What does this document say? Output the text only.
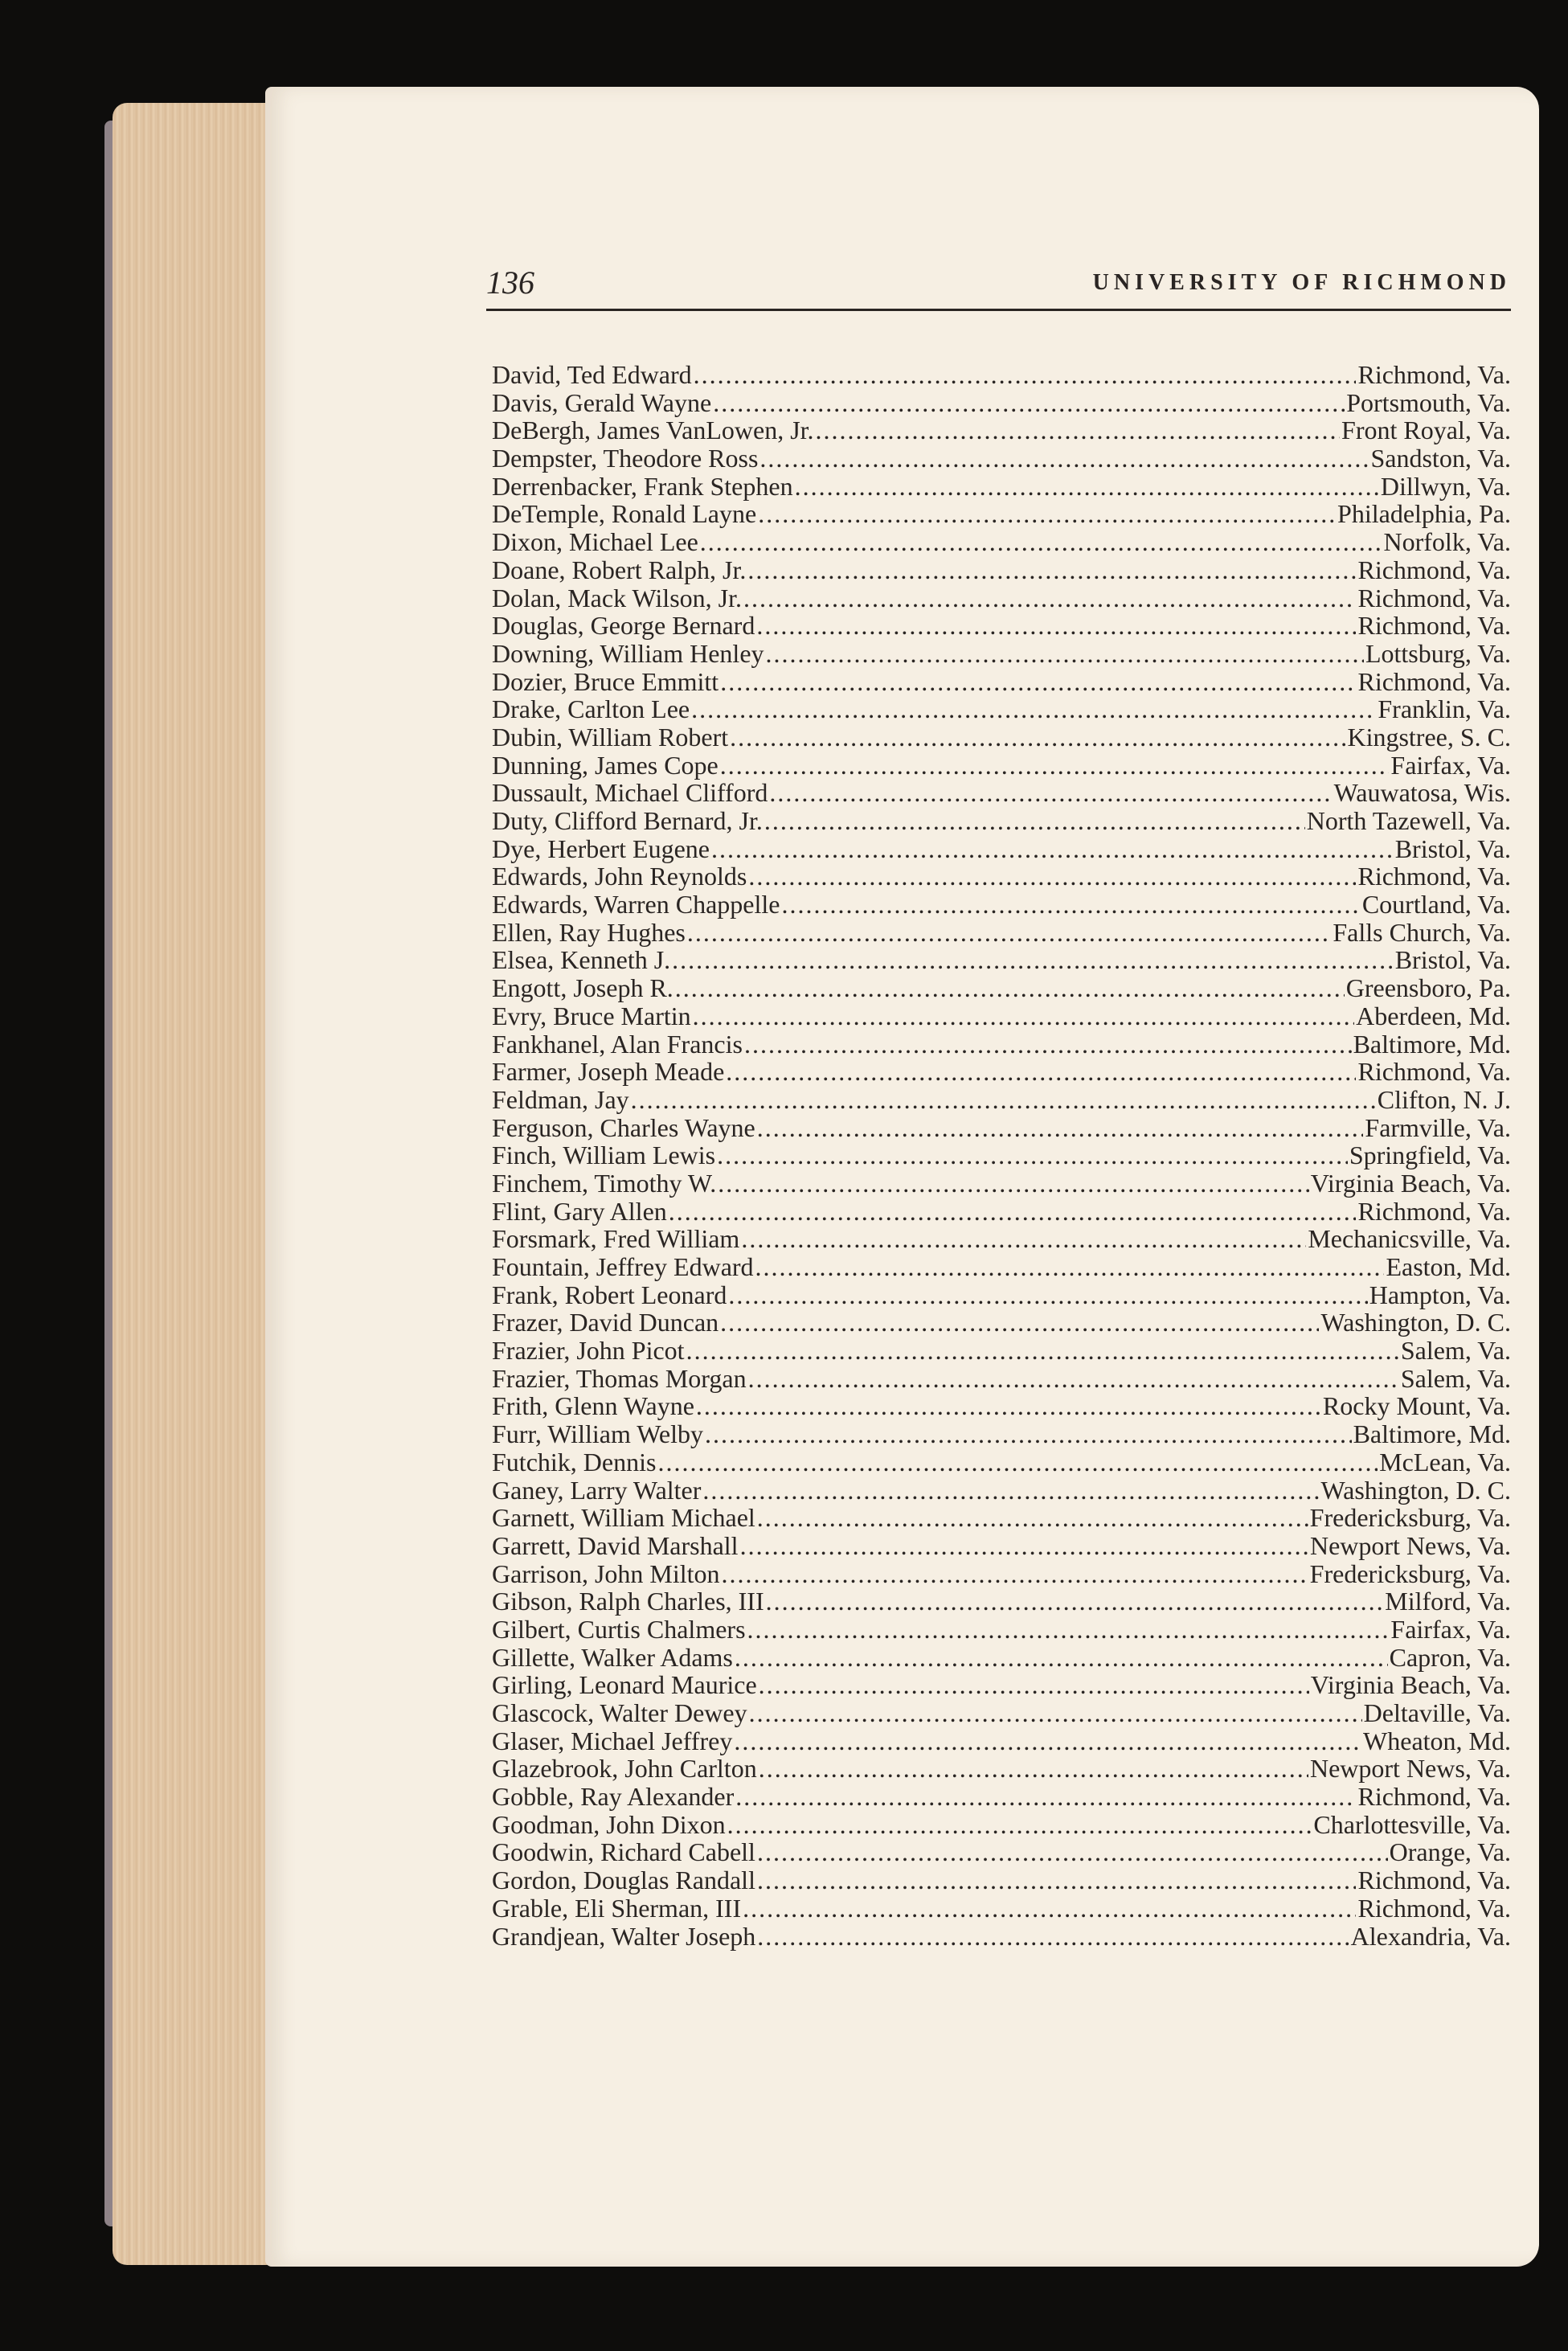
136	UNIVERSITY OF RICHMOND
David, Ted Edward .....	Richmond, Va.
Davis, Gerald Wayne .....	Portsmouth, Va.
DeBergh, James VanLowen, Jr. .....	Front Royal, Va.
Dempster, Theodore Ross .....	Sandston, Va.
Derrenbacker, Frank Stephen .....	Dillwyn, Va.
DeTemple, Ronald Layne .....	Philadelphia, Pa.
Dixon, Michael Lee .....	Norfolk, Va.
Doane, Robert Ralph, Jr. .....	Richmond, Va.
Dolan, Mack Wilson, Jr. .....	Richmond, Va.
Douglas, George Bernard .....	Richmond, Va.
Downing, William Henley .....	Lottsburg, Va.
Dozier, Bruce Emmitt .....	Richmond, Va.
Drake, Carlton Lee .....	Franklin, Va.
Dubin, William Robert .....	Kingstree, S. C.
Dunning, James Cope .....	Fairfax, Va.
Dussault, Michael Clifford .....	Wauwatosa, Wis.
Duty, Clifford Bernard, Jr. .....	North Tazewell, Va.
Dye, Herbert Eugene .....	Bristol, Va.
Edwards, John Reynolds .....	Richmond, Va.
Edwards, Warren Chappelle .....	Courtland, Va.
Ellen, Ray Hughes .....	Falls Church, Va.
Elsea, Kenneth J. .....	Bristol, Va.
Engott, Joseph R. .....	Greensboro, Pa.
Evry, Bruce Martin .....	Aberdeen, Md.
Fankhanel, Alan Francis .....	Baltimore, Md.
Farmer, Joseph Meade .....	Richmond, Va.
Feldman, Jay .....	Clifton, N. J.
Ferguson, Charles Wayne .....	Farmville, Va.
Finch, William Lewis .....	Springfield, Va.
Finchem, Timothy W. .....	Virginia Beach, Va.
Flint, Gary Allen .....	Richmond, Va.
Forsmark, Fred William .....	Mechanicsville, Va.
Fountain, Jeffrey Edward .....	Easton, Md.
Frank, Robert Leonard .....	Hampton, Va.
Frazer, David Duncan .....	Washington, D. C.
Frazier, John Picot .....	Salem, Va.
Frazier, Thomas Morgan .....	Salem, Va.
Frith, Glenn Wayne .....	Rocky Mount, Va.
Furr, William Welby .....	Baltimore, Md.
Futchik, Dennis .....	McLean, Va.
Ganey, Larry Walter .....	Washington, D. C.
Garnett, William Michael .....	Fredericksburg, Va.
Garrett, David Marshall .....	Newport News, Va.
Garrison, John Milton .....	Fredericksburg, Va.
Gibson, Ralph Charles, III .....	Milford, Va.
Gilbert, Curtis Chalmers .....	Fairfax, Va.
Gillette, Walker Adams .....	Capron, Va.
Girling, Leonard Maurice .....	Virginia Beach, Va.
Glascock, Walter Dewey .....	Deltaville, Va.
Glaser, Michael Jeffrey .....	Wheaton, Md.
Glazebrook, John Carlton .....	Newport News, Va.
Gobble, Ray Alexander .....	Richmond, Va.
Goodman, John Dixon .....	Charlottesville, Va.
Goodwin, Richard Cabell .....	Orange, Va.
Gordon, Douglas Randall .....	Richmond, Va.
Grable, Eli Sherman, III .....	Richmond, Va.
Grandjean, Walter Joseph .....	Alexandria, Va.
